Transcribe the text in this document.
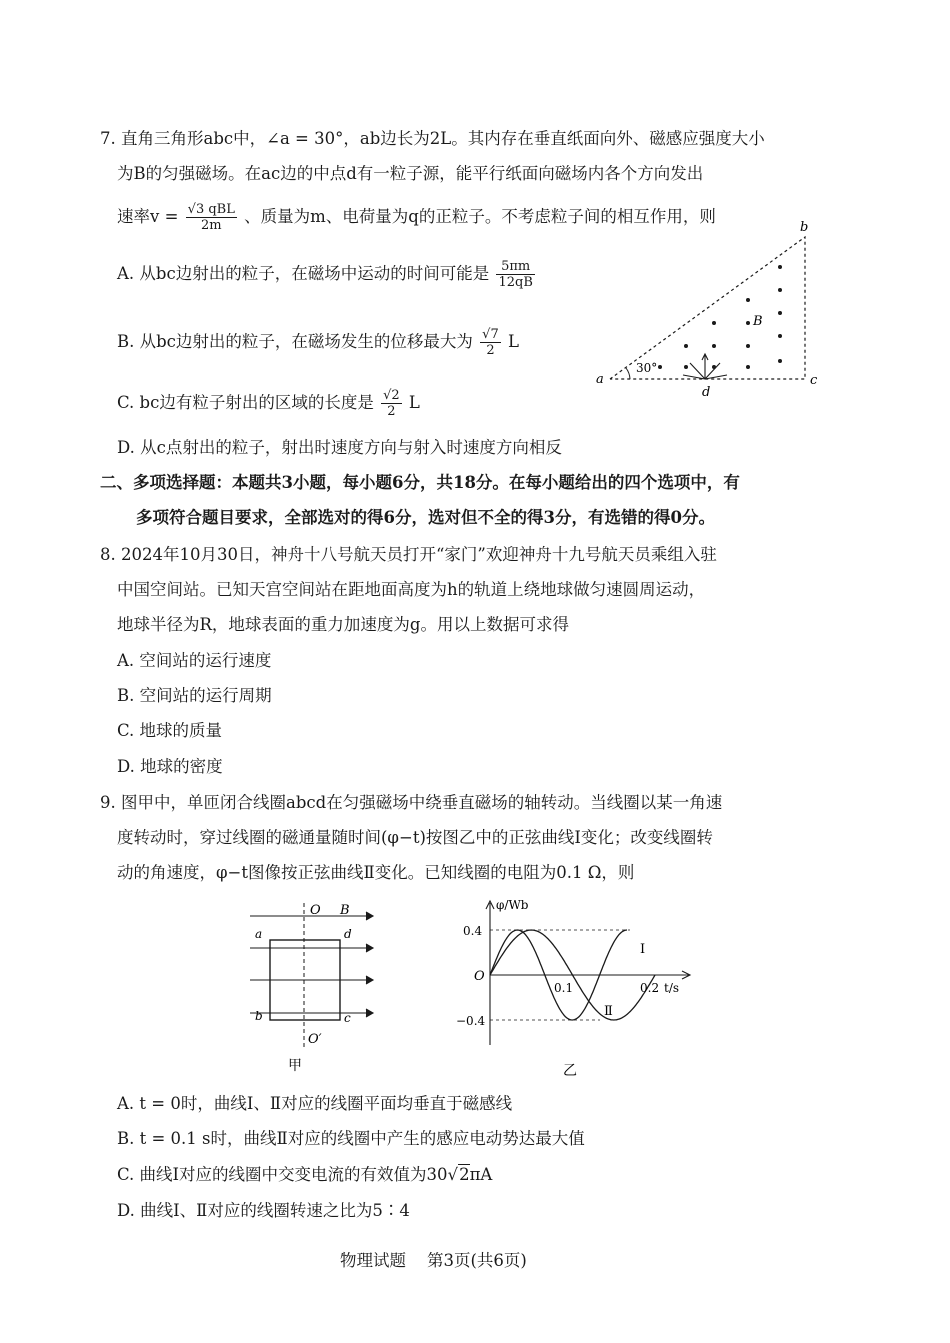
7. 直角三角形abc中，∠a = 30°，ab边长为2L。其内存在垂直纸面向外、磁感应强度大小
为B的匀强磁场。在ac边的中点d有一粒子源，能平行纸面向磁场内各个方向发出
速率$v = \frac{\text{√3 qBL}}{2m}$ 、质量为m、电荷量为q的正粒子。不考虑粒子间的相互作用，则
A. 从bc边射出的粒子，在磁场中运动的时间可能是 $\frac{5\pi m}{12qB}$
B. 从bc边射出的粒子，在磁场发生的位移最大为 $\frac{√7}{2}$ L
C. bc边有粒子射出的区域的长度是 $\frac{√2}{2}$ L
D. 从c点射出的粒子，射出时速度方向与射入时速度方向相反
a
b
c
d
B
30°
二、多项选择题：本题共3小题，每小题6分，共18分。在每小题给出的四个选项中，有
多项符合题目要求，全部选对的得6分，选对但不全的得3分，有选错的得0分。
8. 2024年10月30日，神舟十八号航天员打开“家门”欢迎神舟十九号航天员乘组入驻
中国空间站。已知天宫空间站在距地面高度为h的轨道上绕地球做匀速圆周运动，
地球半径为R，地球表面的重力加速度为g。用以上数据可求得
A. 空间站的运行速度
B. 空间站的运行周期
C. 地球的质量
D. 地球的密度
9. 图甲中，单匝闭合线圈abcd在匀强磁场中绕垂直磁场的轴转动。当线圈以某一角速
度转动时，穿过线圈的磁通量随时间(φ−t)按图乙中的正弦曲线Ⅰ变化；改变线圈转
动的角速度，φ−t图像按正弦曲线Ⅱ变化。已知线圈的电阻为0.1 Ω，则
O B
a	d
b	c
O′
甲
φ/Wb
t/s
O
0.4
−0.4
0.1	0.2
Ⅰ
Ⅱ
乙
A. t = 0时，曲线Ⅰ、Ⅱ对应的线圈平面均垂直于磁感线
B. t = 0.1 s时，曲线Ⅱ对应的线圈中产生的感应电动势达最大值
C. 曲线Ⅰ对应的线圈中交变电流的有效值为30√2πA
D. 曲线Ⅰ、Ⅱ对应的线圈转速之比为5∶4
物理试题    第3页(共6页)
